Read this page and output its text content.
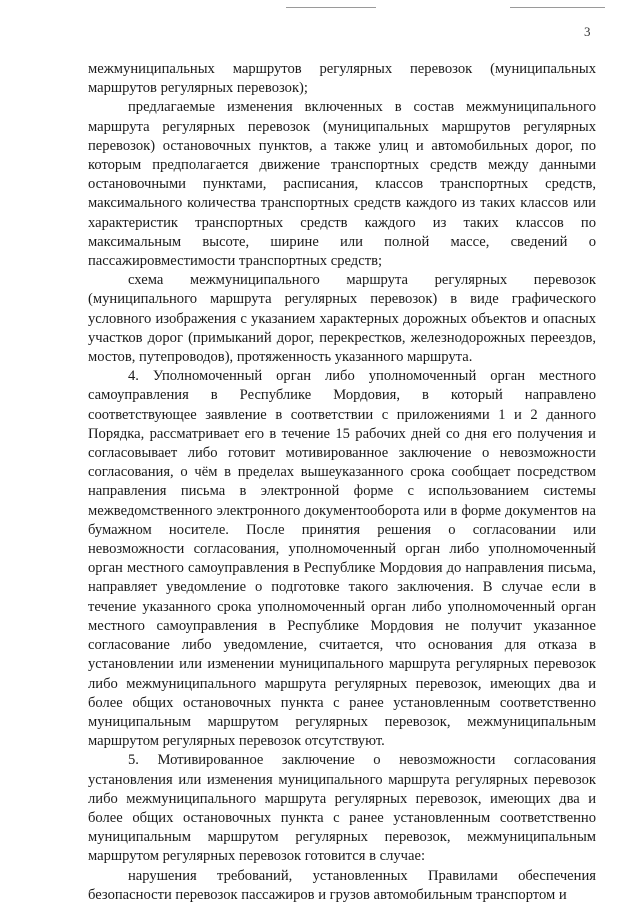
3

межмуниципальных маршрутов регулярных перевозок (муниципальных маршрутов регулярных перевозок);

предлагаемые изменения включенных в состав межмуниципального маршрута регулярных перевозок (муниципальных маршрутов регулярных перевозок) остановочных пунктов, а также улиц и автомобильных дорог, по которым предполагается движение транспортных средств между данными остановочными пунктами, расписания, классов транспортных средств, максимального количества транспортных средств каждого из таких классов или характеристик транспортных средств каждого из таких классов по максимальным высоте, ширине или полной массе, сведений о пассажировместимости транспортных средств;

схема межмуниципального маршрута регулярных перевозок (муниципального маршрута регулярных перевозок) в виде графического условного изображения с указанием характерных дорожных объектов и опасных участков дорог (примыканий дорог, перекрестков, железнодорожных переездов, мостов, путепроводов), протяженность указанного маршрута.

4. Уполномоченный орган либо уполномоченный орган местного самоуправления в Республике Мордовия, в который направлено соответствующее заявление в соответствии с приложениями 1 и 2 данного Порядка, рассматривает его в течение 15 рабочих дней со дня его получения и согласовывает либо готовит мотивированное заключение о невозможности согласования, о чём в пределах вышеуказанного срока сообщает посредством направления письма в электронной форме с использованием системы межведомственного электронного документооборота или в форме документов на бумажном носителе. После принятия решения о согласовании или невозможности согласования, уполномоченный орган либо уполномоченный орган местного самоуправления в Республике Мордовия до направления письма, направляет уведомление о подготовке такого заключения. В случае если в течение указанного срока уполномоченный орган либо уполномоченный орган местного самоуправления в Республике Мордовия не получит указанное согласование либо уведомление, считается, что основания для отказа в установлении или изменении муниципального маршрута регулярных перевозок либо межмуниципального маршрута регулярных перевозок, имеющих два и более общих остановочных пункта с ранее установленным соответственно муниципальным маршрутом регулярных перевозок, межмуниципальным маршрутом регулярных перевозок отсутствуют.

5. Мотивированное заключение о невозможности согласования установления или изменения муниципального маршрута регулярных перевозок либо межмуниципального маршрута регулярных перевозок, имеющих два и более общих остановочных пункта с ранее установленным соответственно муниципальным маршрутом регулярных перевозок, межмуниципальным маршрутом регулярных перевозок готовится в случае:

нарушения требований, установленных Правилами обеспечения безопасности перевозок пассажиров и грузов автомобильным транспортом и
